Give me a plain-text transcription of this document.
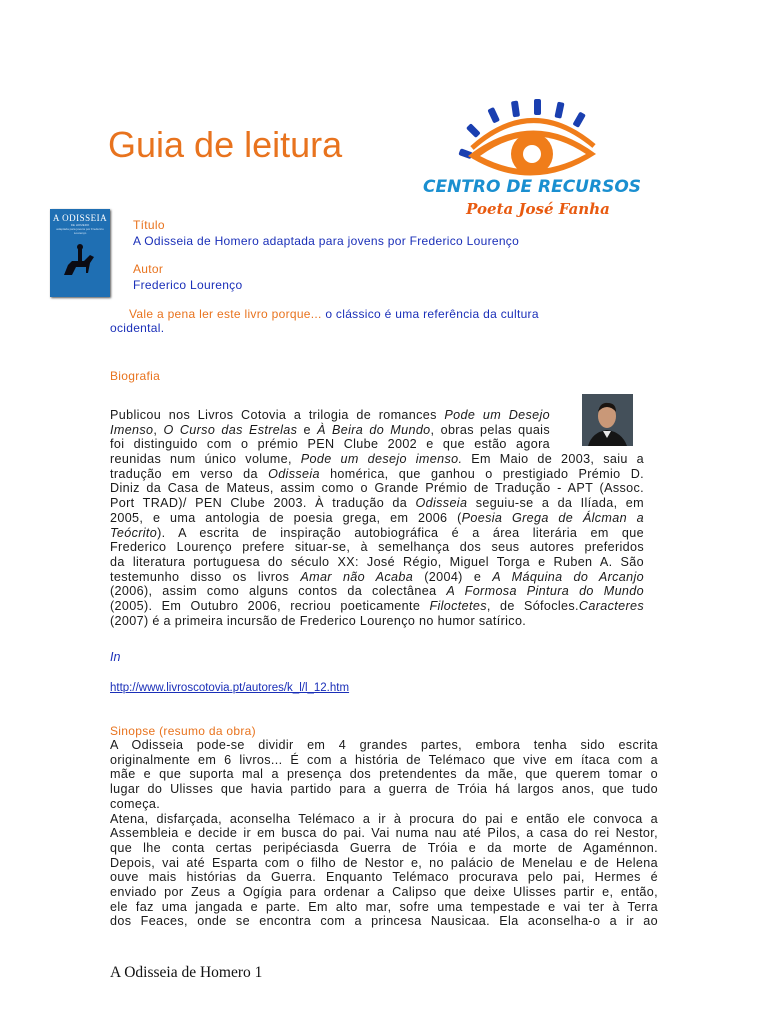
Guia de leitura
CENTRO DE RECURSOS
Poeta José Fanha
A ODISSEIA
DE HOMERO
adaptada para jovens por Frederico Lourenço
Título
A Odisseia de Homero adaptada para jovens por Frederico Lourenço
Autor
Frederico Lourenço
Vale a pena ler este livro porque... o clássico é uma referência da cultura
ocidental.
Biografia
Publicou nos Livros Cotovia a trilogia de romances Pode um Desejo
Imenso, O Curso das Estrelas e À Beira do Mundo, obras pelas quais
foi distinguido com o prémio PEN Clube 2002 e que estão agora
reunidas num único volume, Pode um desejo imenso. Em Maio de 2003, saiu a
tradução em verso da Odisseia homérica, que ganhou o prestigiado Prémio D.
Diniz da Casa de Mateus, assim como o Grande Prémio de Tradução - APT (Assoc.
Port TRAD)/ PEN Clube 2003. À tradução da Odisseia seguiu-se a da Ilíada, em
2005, e uma antologia de poesia grega, em 2006 (Poesia Grega de Álcman a
Teócrito). A escrita de inspiração autobiográfica é a área literária em que
Frederico Lourenço prefere situar-se, à semelhança dos seus autores preferidos
da literatura portuguesa do século XX: José Régio, Miguel Torga e Ruben A. São
testemunho disso os livros Amar não Acaba (2004) e A Máquina do Arcanjo
(2006), assim como alguns contos da colectânea A Formosa Pintura do Mundo
(2005). Em Outubro 2006, recriou poeticamente Filoctetes, de Sófocles.Caracteres
(2007) é a primeira incursão de Frederico Lourenço no humor satírico.
In
http://www.livroscotovia.pt/autores/k_l/l_12.htm
Sinopse (resumo da obra)
A Odisseia pode-se dividir em 4 grandes partes, embora tenha sido escrita
originalmente em 6 livros... É com a história de Telémaco que vive em ítaca com a
mãe e que suporta mal a presença dos pretendentes da mãe, que querem tomar o
lugar do Ulisses que havia partido para a guerra de Tróia há largos anos, que tudo
começa.
Atena, disfarçada, aconselha Telémaco a ir à procura do pai e então ele convoca a
Assembleia e decide ir em busca do pai. Vai numa nau até Pilos, a casa do rei Nestor,
que lhe conta certas peripéciasda Guerra de Tróia e da morte de Agaménnon.
Depois, vai até Esparta com o filho de Nestor e, no palácio de Menelau e de Helena
ouve mais histórias da Guerra. Enquanto Telémaco procurava pelo pai, Hermes é
enviado por Zeus a Ogígia para ordenar a Calipso que deixe Ulisses partir e, então,
ele faz uma jangada e parte. Em alto mar, sofre uma tempestade e vai ter à Terra
dos Feaces, onde se encontra com a princesa Nausicaa. Ela aconselha-o a ir ao
A Odisseia de Homero 1
